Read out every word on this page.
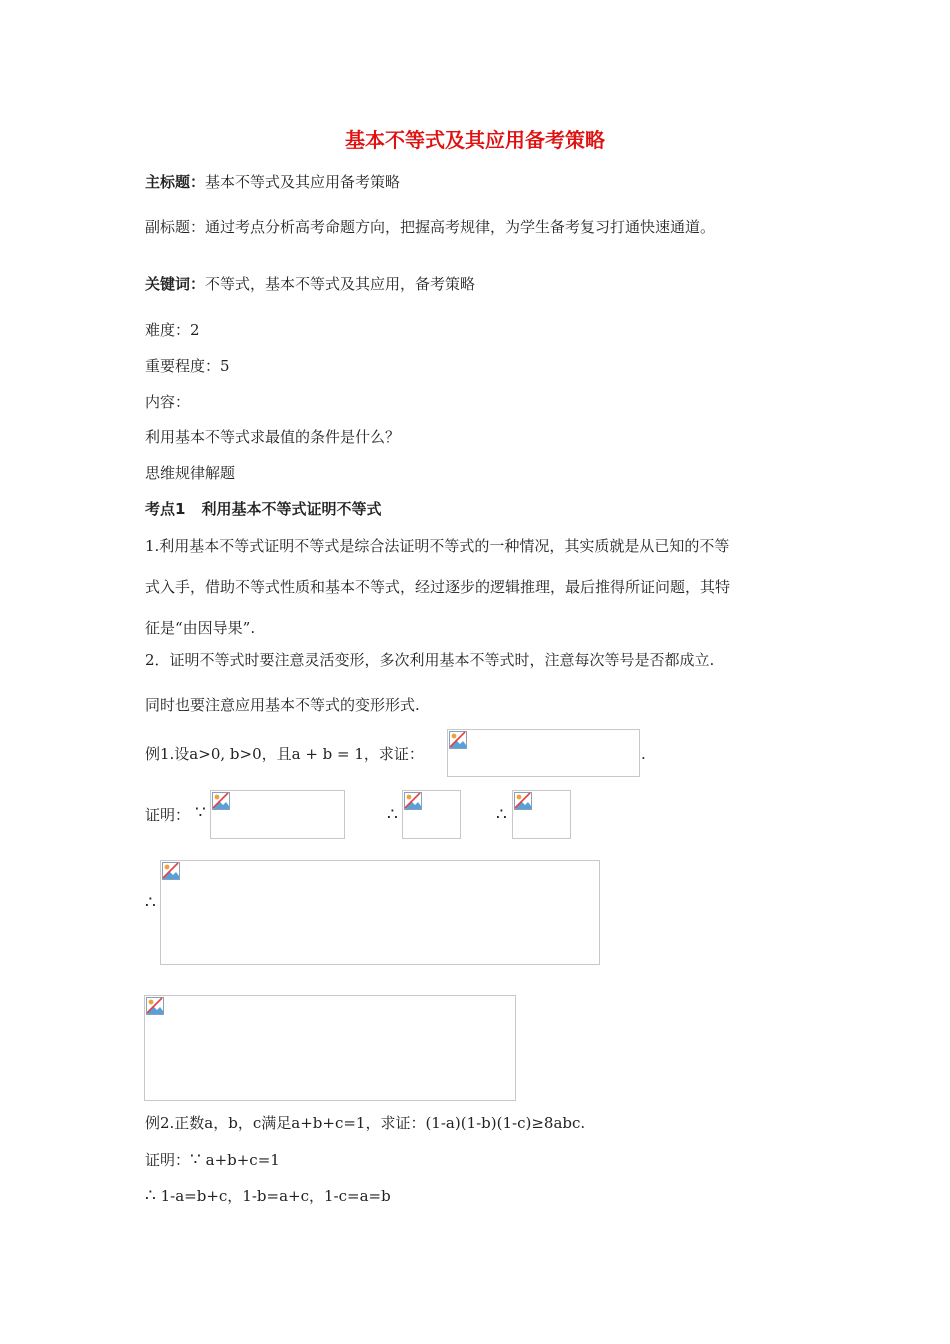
基本不等式及其应用备考策略
主标题：基本不等式及其应用备考策略
副标题：通过考点分析高考命题方向，把握高考规律，为学生备考复习打通快速通道。
关键词：不等式，基本不等式及其应用，备考策略
难度：2
重要程度：5
内容：
利用基本不等式求最值的条件是什么？
思维规律解题
考点1 利用基本不等式证明不等式
1.利用基本不等式证明不等式是综合法证明不等式的一种情况，其实质就是从已知的不等
式入手，借助不等式性质和基本不等式，经过逐步的逻辑推理，最后推得所证问题，其特
征是“由因导果”.
2．证明不等式时要注意灵活变形，多次利用基本不等式时，注意每次等号是否都成立.
同时也要注意应用基本不等式的变形形式.
例1.设a>0, b>0，且a + b = 1，求证：	.
证明： ∵	∴	∴
∴
例2.正数a，b，c满足a+b+c=1，求证：(1-a)(1-b)(1-c)≥8abc.
证明：∵ a+b+c=1
∴ 1-a=b+c，1-b=a+c，1-c=a=b
